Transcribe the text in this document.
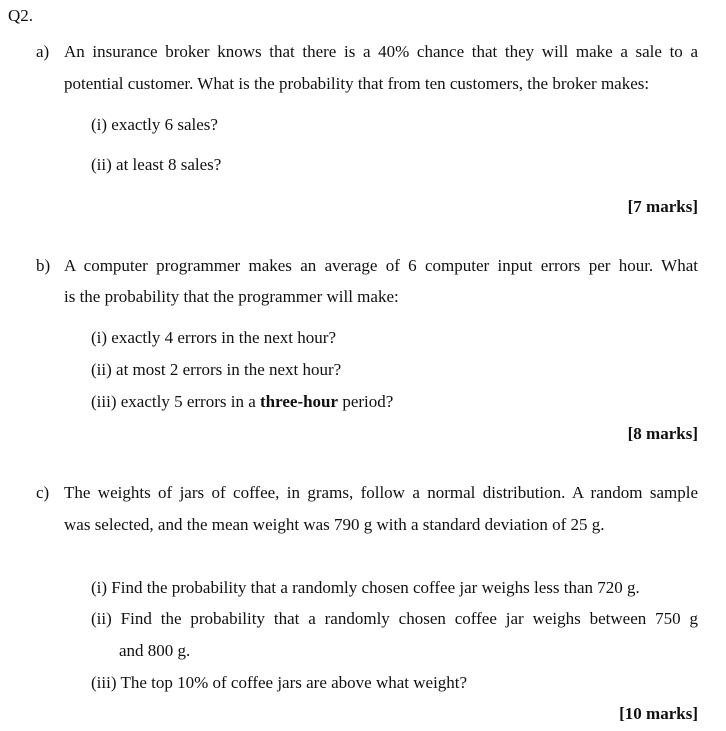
Q2.
a) An insurance broker knows that there is a 40% chance that they will make a sale to a
potential customer. What is the probability that from ten customers, the broker makes:
(i) exactly 6 sales?
(ii) at least 8 sales?
[7 marks]
b) A computer programmer makes an average of 6 computer input errors per hour. What
is the probability that the programmer will make:
(i) exactly 4 errors in the next hour?
(ii) at most 2 errors in the next hour?
(iii) exactly 5 errors in a three-hour period?
[8 marks]
c) The weights of jars of coffee, in grams, follow a normal distribution. A random sample
was selected, and the mean weight was 790 g with a standard deviation of 25 g.
(i) Find the probability that a randomly chosen coffee jar weighs less than 720 g.
(ii) Find the probability that a randomly chosen coffee jar weighs between 750 g
and 800 g.
(iii) The top 10% of coffee jars are above what weight?
[10 marks]
